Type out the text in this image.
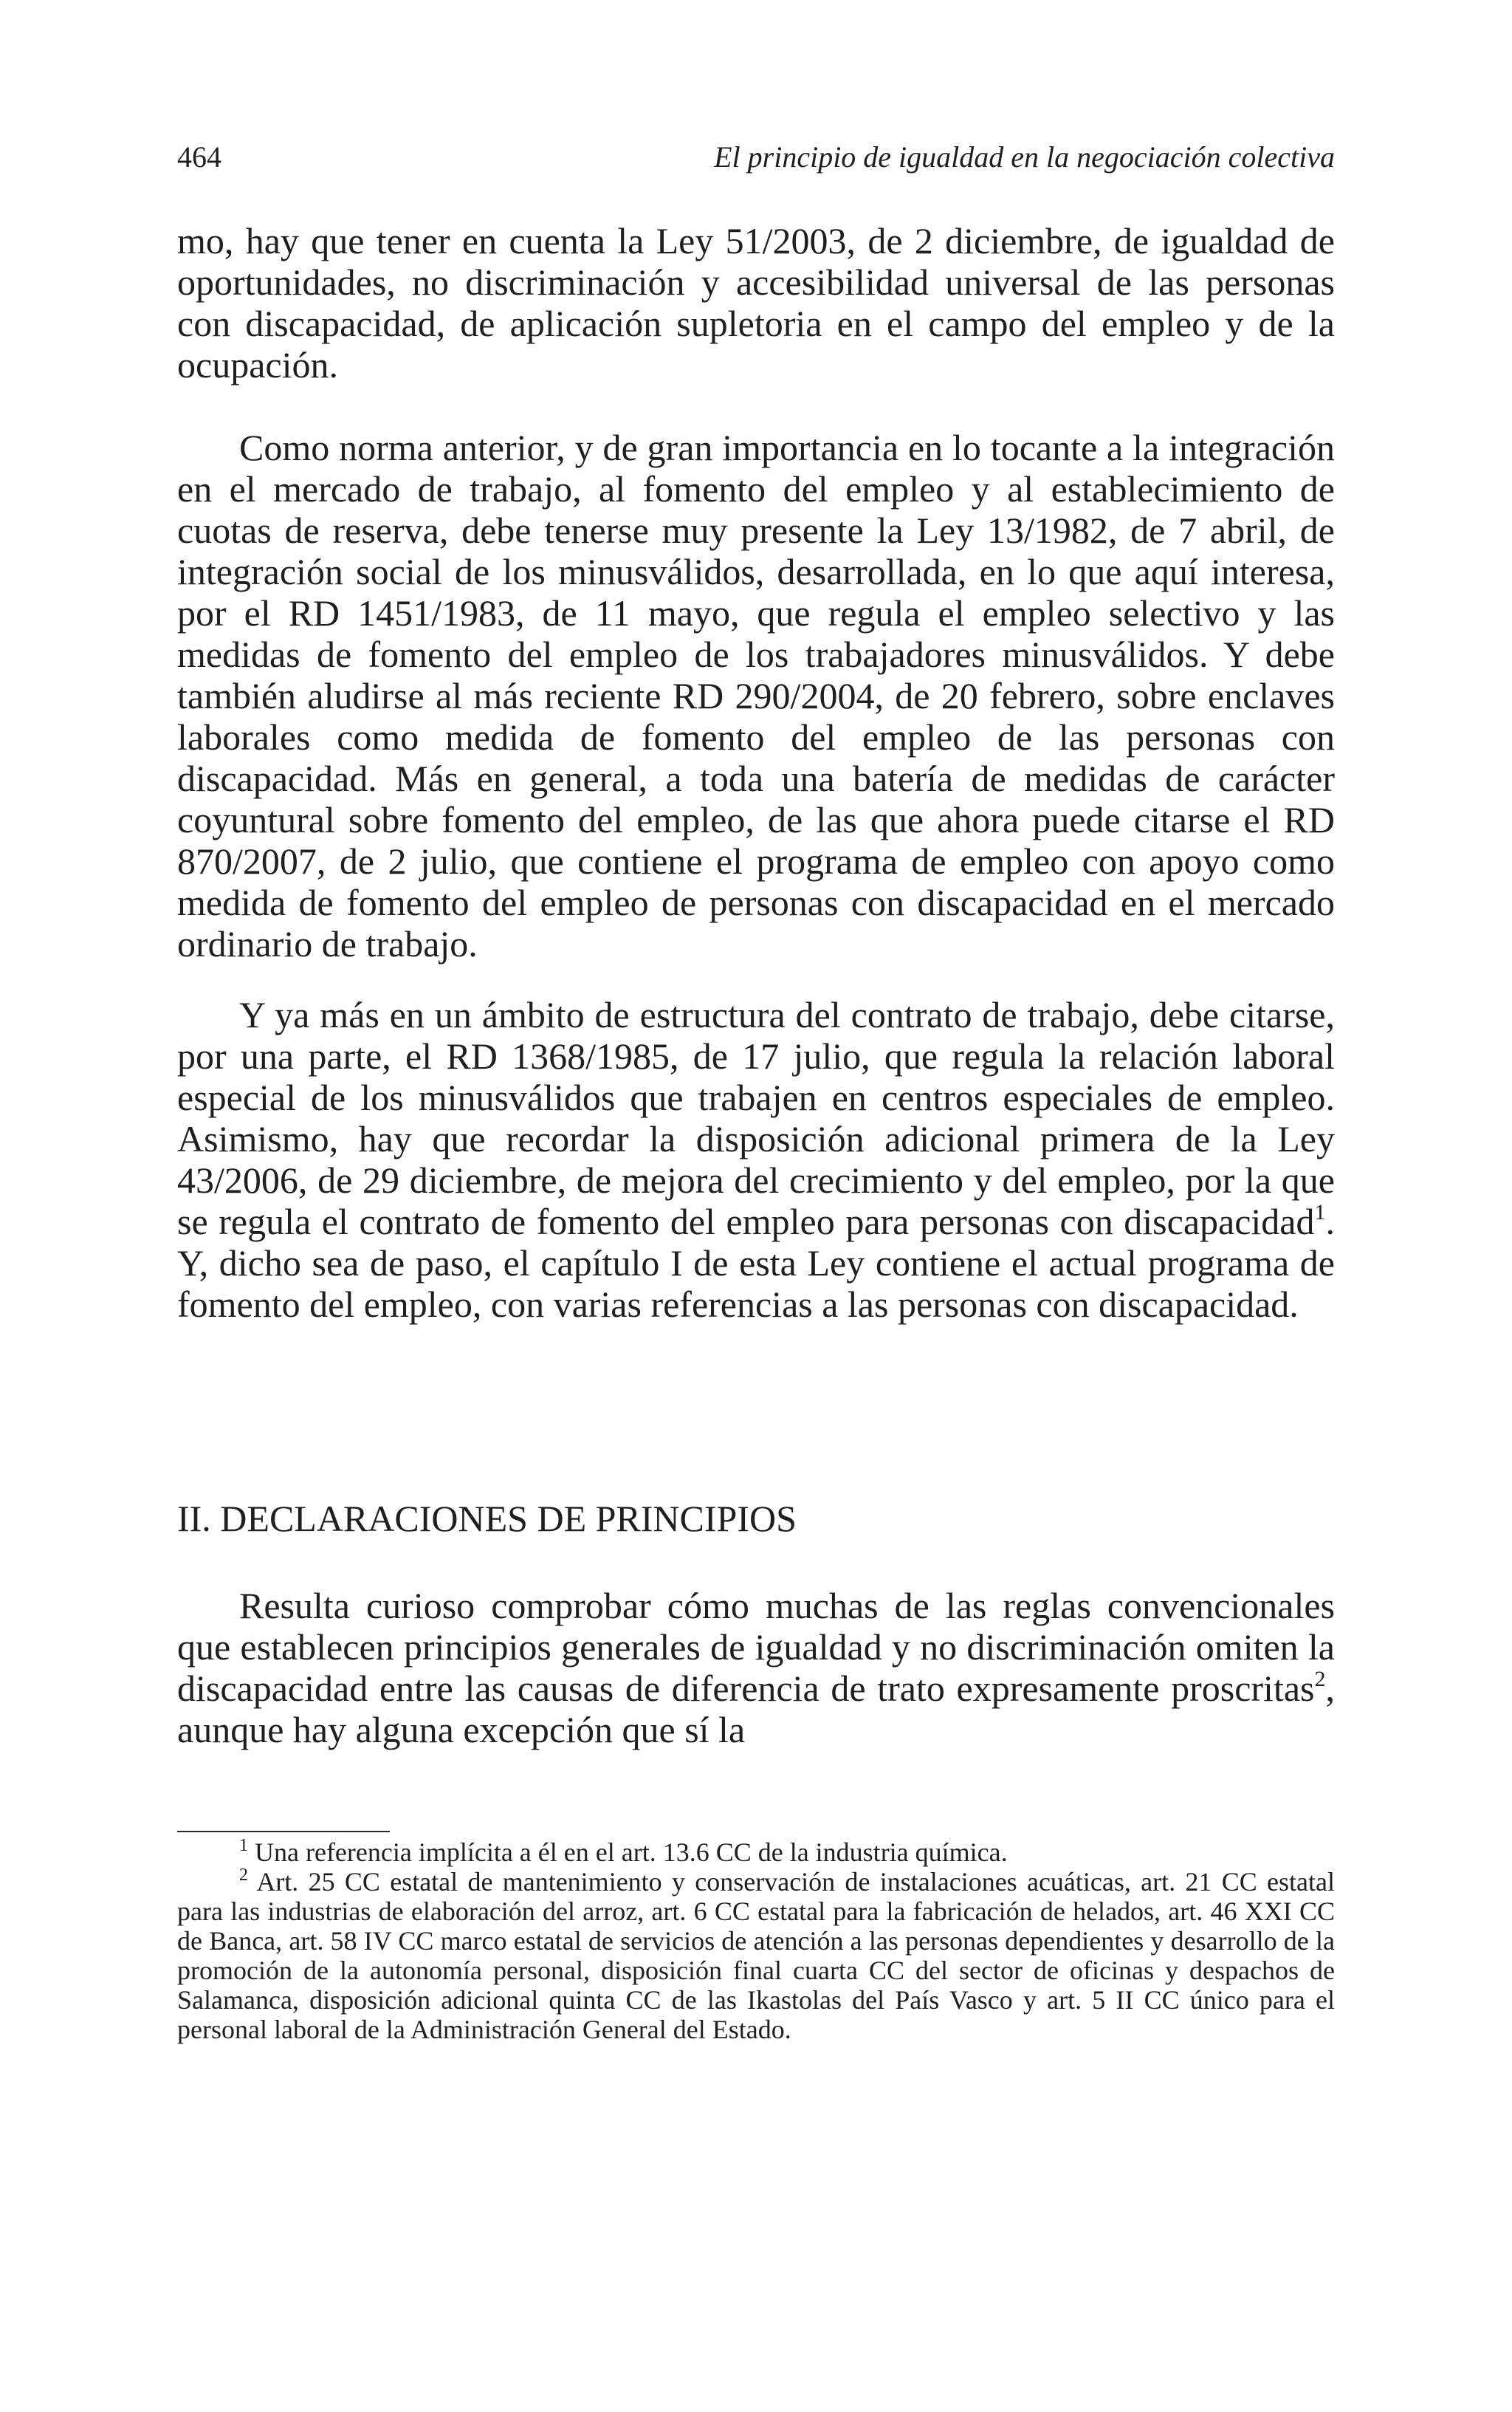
464	El principio de igualdad en la negociación colectiva

mo, hay que tener en cuenta la Ley 51/2003, de 2 diciembre, de igualdad de oportunidades, no discriminación y accesibilidad universal de las personas con discapacidad, de aplicación supletoria en el campo del empleo y de la ocupación.

Como norma anterior, y de gran importancia en lo tocante a la integración en el mercado de trabajo, al fomento del empleo y al establecimiento de cuotas de reserva, debe tenerse muy presente la Ley 13/1982, de 7 abril, de integración social de los minusválidos, desarrollada, en lo que aquí interesa, por el RD 1451/1983, de 11 mayo, que regula el empleo selectivo y las medidas de fomento del empleo de los trabajadores minusválidos. Y debe también aludirse al más reciente RD 290/2004, de 20 febrero, sobre enclaves laborales como medida de fomento del empleo de las personas con discapacidad. Más en general, a toda una batería de medidas de carácter coyuntural sobre fomento del empleo, de las que ahora puede citarse el RD 870/2007, de 2 julio, que contiene el programa de empleo con apoyo como medida de fomento del empleo de personas con discapacidad en el mercado ordinario de trabajo.

Y ya más en un ámbito de estructura del contrato de trabajo, debe citarse, por una parte, el RD 1368/1985, de 17 julio, que regula la relación laboral especial de los minusválidos que trabajen en centros especiales de empleo. Asimismo, hay que recordar la disposición adicional primera de la Ley 43/2006, de 29 diciembre, de mejora del crecimiento y del empleo, por la que se regula el contrato de fomento del empleo para personas con discapacidad$^1$. Y, dicho sea de paso, el capítulo I de esta Ley contiene el actual programa de fomento del empleo, con varias referencias a las personas con discapacidad.

II. DECLARACIONES DE PRINCIPIOS

Resulta curioso comprobar cómo muchas de las reglas convencionales que establecen principios generales de igualdad y no discriminación omiten la discapacidad entre las causas de diferencia de trato expresamente proscritas$^2$, aunque hay alguna excepción que sí la

$^1$ Una referencia implícita a él en el art. 13.6 CC de la industria química.

$^2$ Art. 25 CC estatal de mantenimiento y conservación de instalaciones acuáticas, art. 21 CC estatal para las industrias de elaboración del arroz, art. 6 CC estatal para la fabricación de helados, art. 46 XXI CC de Banca, art. 58 IV CC marco estatal de servicios de atención a las personas dependientes y desarrollo de la promoción de la autonomía personal, disposición final cuarta CC del sector de oficinas y despachos de Salamanca, disposición adicional quinta CC de las Ikastolas del País Vasco y art. 5 II CC único para el personal laboral de la Administración General del Estado.
